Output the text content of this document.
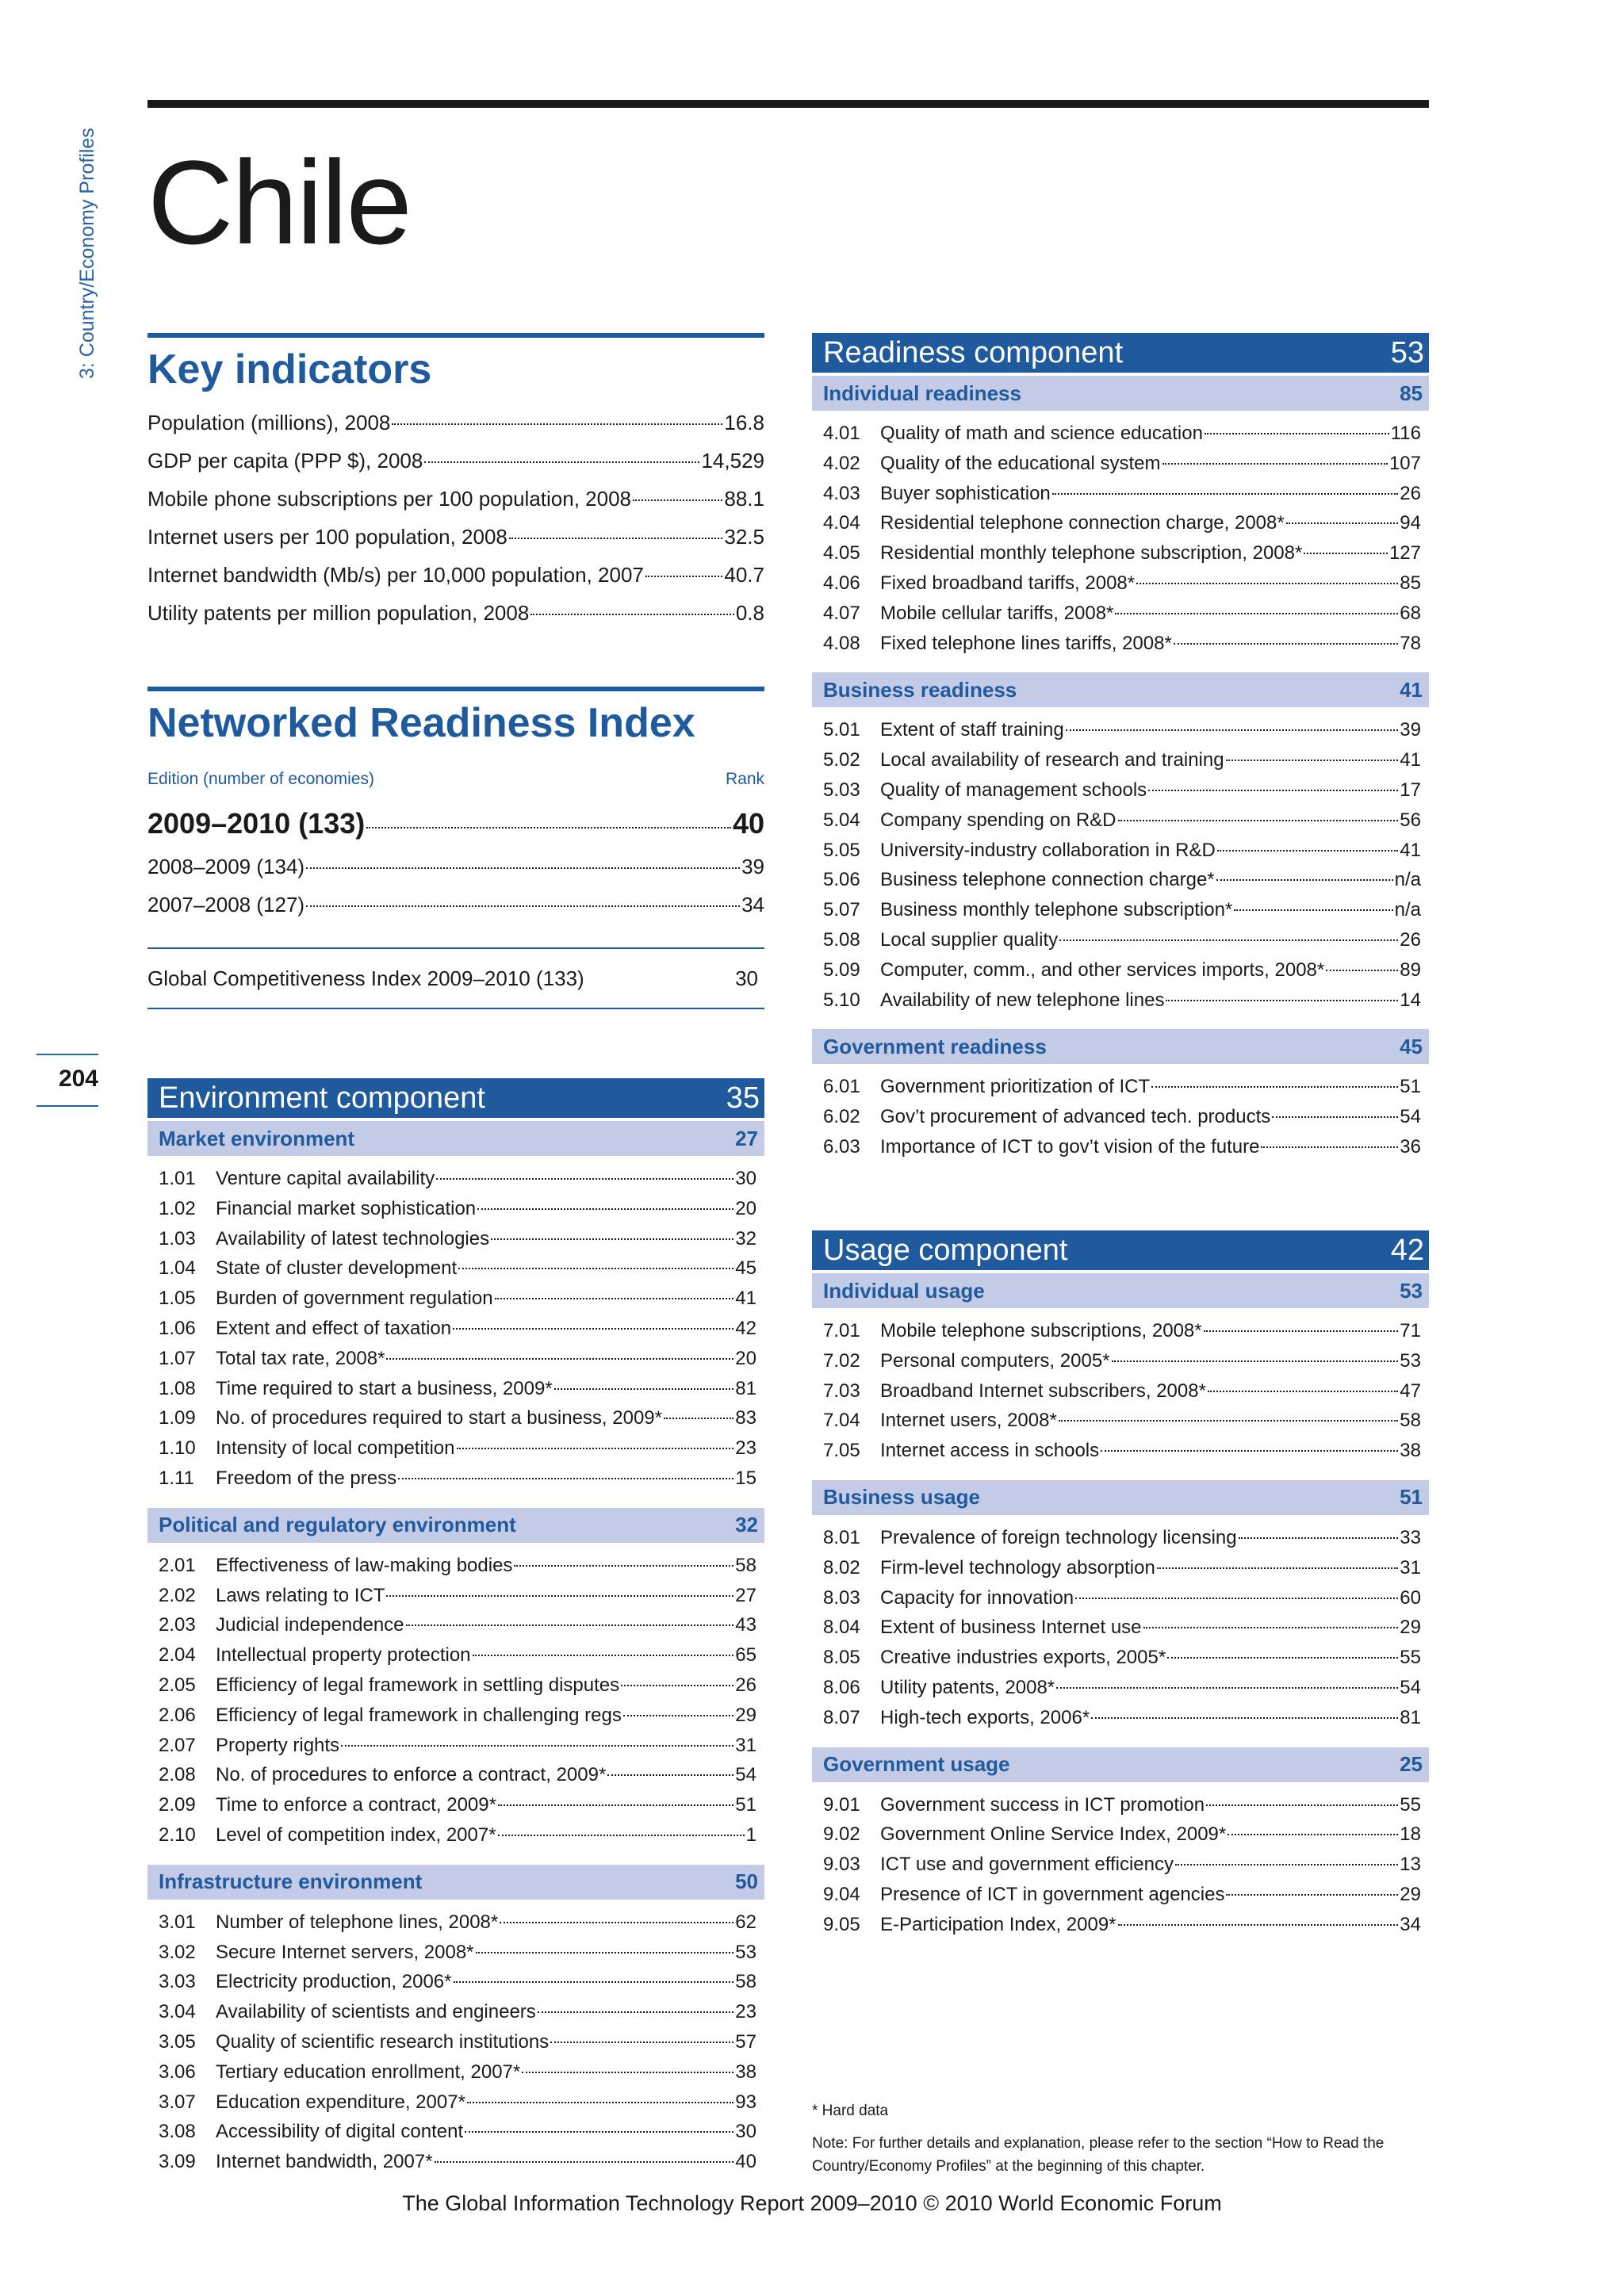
3: Country/Economy Profiles
204
Chile
Key indicators
Population (millions), 2008	16.8
GDP per capita (PPP $), 2008	14,529
Mobile phone subscriptions per 100 population, 2008	88.1
Internet users per 100 population, 2008	32.5
Internet bandwidth (Mb/s) per 10,000 population, 2007	40.7
Utility patents per million population, 2008	0.8
Networked Readiness Index
Edition (number of economies)	Rank
2009–2010 (133)	40
2008–2009 (134)	39
2007–2008 (127)	34
Global Competitiveness Index 2009–2010 (133)	30
Environment component	35
Market environment	27
1.01	Venture capital availability	30
1.02	Financial market sophistication	20
1.03	Availability of latest technologies	32
1.04	State of cluster development	45
1.05	Burden of government regulation	41
1.06	Extent and effect of taxation	42
1.07	Total tax rate, 2008*	20
1.08	Time required to start a business, 2009*	81
1.09	No. of procedures required to start a business, 2009*	83
1.10	Intensity of local competition	23
1.11	Freedom of the press	15
Political and regulatory environment	32
2.01	Effectiveness of law-making bodies	58
2.02	Laws relating to ICT	27
2.03	Judicial independence	43
2.04	Intellectual property protection	65
2.05	Efficiency of legal framework in settling disputes	26
2.06	Efficiency of legal framework in challenging regs	29
2.07	Property rights	31
2.08	No. of procedures to enforce a contract, 2009*	54
2.09	Time to enforce a contract, 2009*	51
2.10	Level of competition index, 2007*	1
Infrastructure environment	50
3.01	Number of telephone lines, 2008*	62
3.02	Secure Internet servers, 2008*	53
3.03	Electricity production, 2006*	58
3.04	Availability of scientists and engineers	23
3.05	Quality of scientific research institutions	57
3.06	Tertiary education enrollment, 2007*	38
3.07	Education expenditure, 2007*	93
3.08	Accessibility of digital content	30
3.09	Internet bandwidth, 2007*	40
Readiness component	53
Individual readiness	85
4.01	Quality of math and science education	116
4.02	Quality of the educational system	107
4.03	Buyer sophistication	26
4.04	Residential telephone connection charge, 2008*	94
4.05	Residential monthly telephone subscription, 2008*	127
4.06	Fixed broadband tariffs, 2008*	85
4.07	Mobile cellular tariffs, 2008*	68
4.08	Fixed telephone lines tariffs, 2008*	78
Business readiness	41
5.01	Extent of staff training	39
5.02	Local availability of research and training	41
5.03	Quality of management schools	17
5.04	Company spending on R&D	56
5.05	University-industry collaboration in R&D	41
5.06	Business telephone connection charge*	n/a
5.07	Business monthly telephone subscription*	n/a
5.08	Local supplier quality	26
5.09	Computer, comm., and other services imports, 2008*	89
5.10	Availability of new telephone lines	14
Government readiness	45
6.01	Government prioritization of ICT	51
6.02	Gov’t procurement of advanced tech. products	54
6.03	Importance of ICT to gov’t vision of the future	36
Usage component	42
Individual usage	53
7.01	Mobile telephone subscriptions, 2008*	71
7.02	Personal computers, 2005*	53
7.03	Broadband Internet subscribers, 2008*	47
7.04	Internet users, 2008*	58
7.05	Internet access in schools	38
Business usage	51
8.01	Prevalence of foreign technology licensing	33
8.02	Firm-level technology absorption	31
8.03	Capacity for innovation	60
8.04	Extent of business Internet use	29
8.05	Creative industries exports, 2005*	55
8.06	Utility patents, 2008*	54
8.07	High-tech exports, 2006*	81
Government usage	25
9.01	Government success in ICT promotion	55
9.02	Government Online Service Index, 2009*	18
9.03	ICT use and government efficiency	13
9.04	Presence of ICT in government agencies	29
9.05	E-Participation Index, 2009*	34
* Hard data
Note: For further details and explanation, please refer to the section “How to Read the Country/Economy Profiles” at the beginning of this chapter.
The Global Information Technology Report 2009–2010 © 2010 World Economic Forum
